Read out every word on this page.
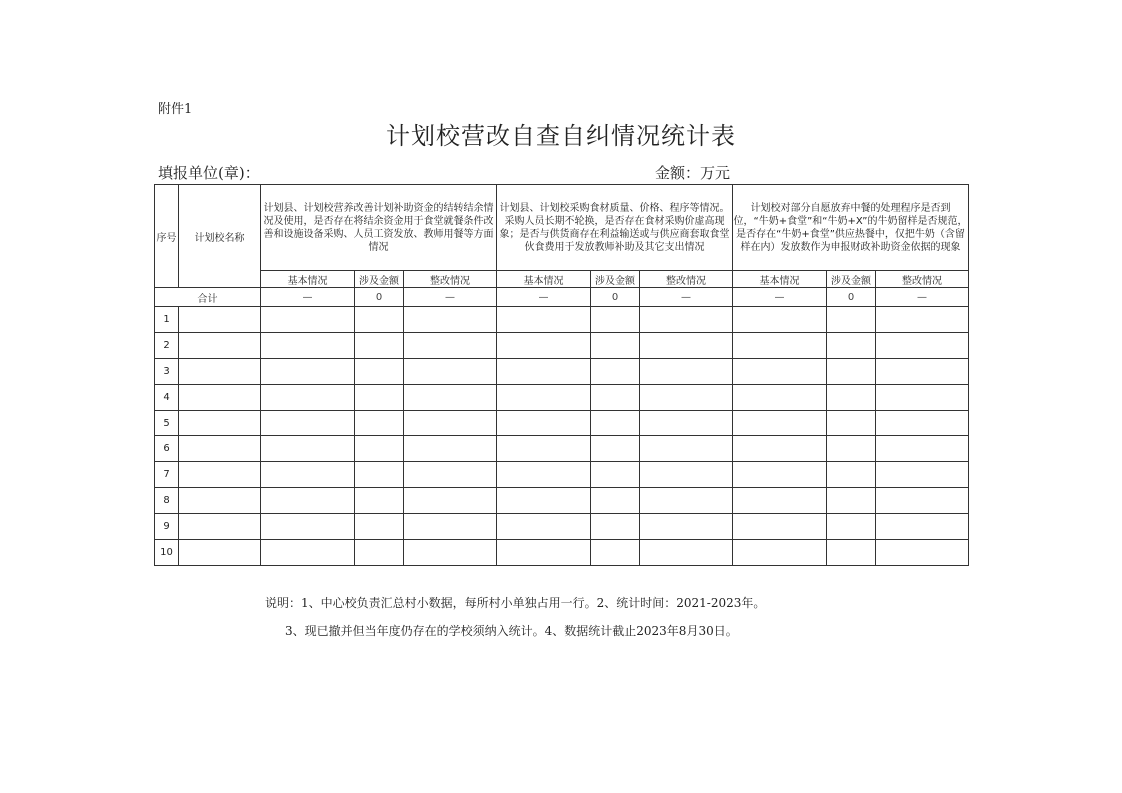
附件1
计划校营改自查自纠情况统计表
填报单位(章)：	金额：万元
序号	计划校名称	计划县、计划校营养改善计划补助资金的结转结余情况及使用，是否存在将结余资金用于食堂就餐条件改善和设施设备采购、人员工资发放、教师用餐等方面情况			计划县、计划校采购食材质量、价格、程序等情况。采购人员长期不轮换，是否存在食材采购价虚高现象；是否与供货商存在利益输送或与供应商套取食堂伙食费用于发放教师补助及其它支出情况			计划校对部分自愿放弃中餐的处理程序是否到位，“牛奶+食堂”和“牛奶+X”的牛奶留样是否规范，是否存在“牛奶+食堂”供应热餐中，仅把牛奶（含留样在内）发放数作为申报财政补助资金依据的现象		
		基本情况	涉及金额	整改情况	基本情况	涉及金额	整改情况	基本情况	涉及金额	整改情况
合计		—	0	—	—	0	—	—	0	—
1										
2										
3										
4										
5										
6										
7										
8										
9										
10										
说明：1、中心校负责汇总村小数据，每所村小单独占用一行。2、统计时间：2021-2023年。
3、现已撤并但当年度仍存在的学校须纳入统计。4、数据统计截止2023年8月30日。
